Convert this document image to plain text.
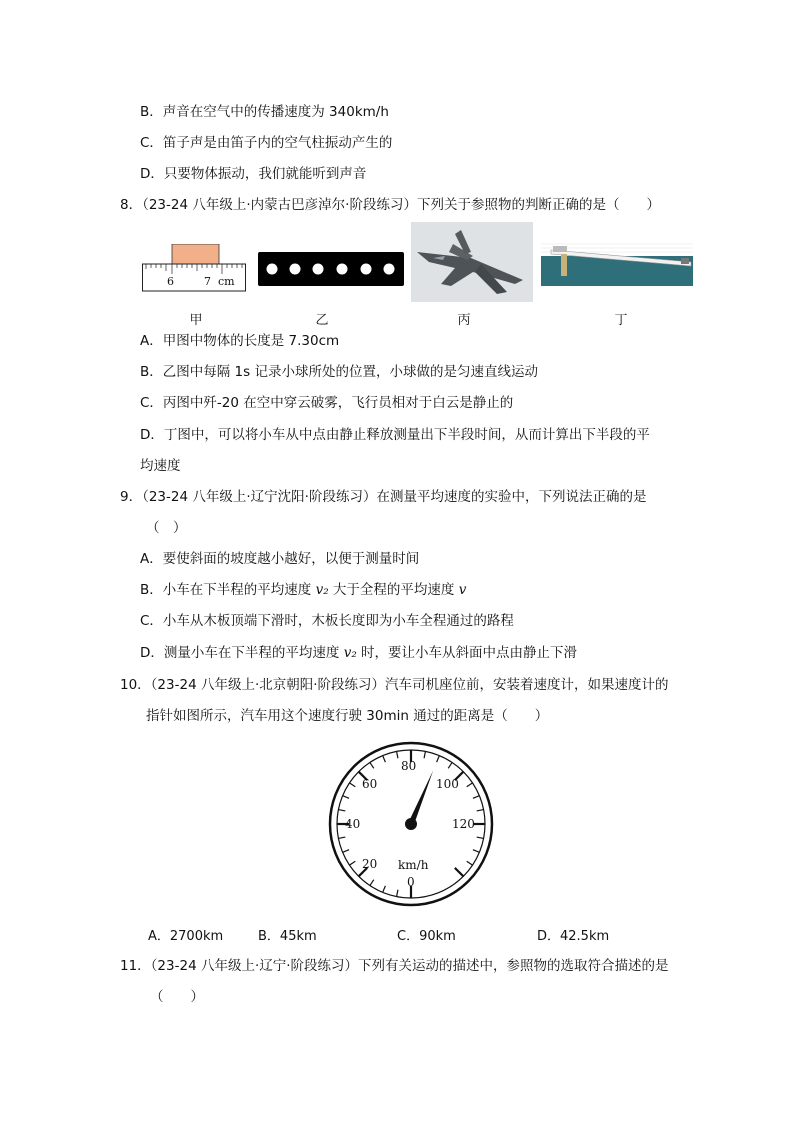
B．声音在空气中的传播速度为 340km/h
C．笛子声是由笛子内的空气柱振动产生的
D．只要物体振动，我们就能听到声音
8．（23-24 八年级上·内蒙古巴彦淖尔·阶段练习）下列关于参照物的判断正确的是（　　）
6	7 cm
甲	乙	丙	丁
A．甲图中物体的长度是 7.30cm
B．乙图中每隔 1s 记录小球所处的位置，小球做的是匀速直线运动
C．丙图中歼-20 在空中穿云破雾，飞行员相对于白云是静止的
D．丁图中，可以将小车从中点由静止释放测量出下半段时间，从而计算出下半段的平
均速度
9．（23-24 八年级上·辽宁沈阳·阶段练习）在测量平均速度的实验中，下列说法正确的是
（　）
A．要使斜面的坡度越小越好，以便于测量时间
B．小车在下半程的平均速度 v₂ 大于全程的平均速度 v
C．小车从木板顶端下滑时，木板长度即为小车全程通过的路程
D．测量小车在下半程的平均速度 v₂ 时，要让小车从斜面中点由静止下滑
10．（23-24 八年级上·北京朝阳·阶段练习）汽车司机座位前，安装着速度计，如果速度计的
指针如图所示，汽车用这个速度行驶 30min 通过的距离是（　　）
km/h
0
20
40
60
80
100
120
A．2700km	B．45km	C．90km	D．42.5km
11．（23-24 八年级上·辽宁·阶段练习）下列有关运动的描述中，参照物的选取符合描述的是
（　　）
